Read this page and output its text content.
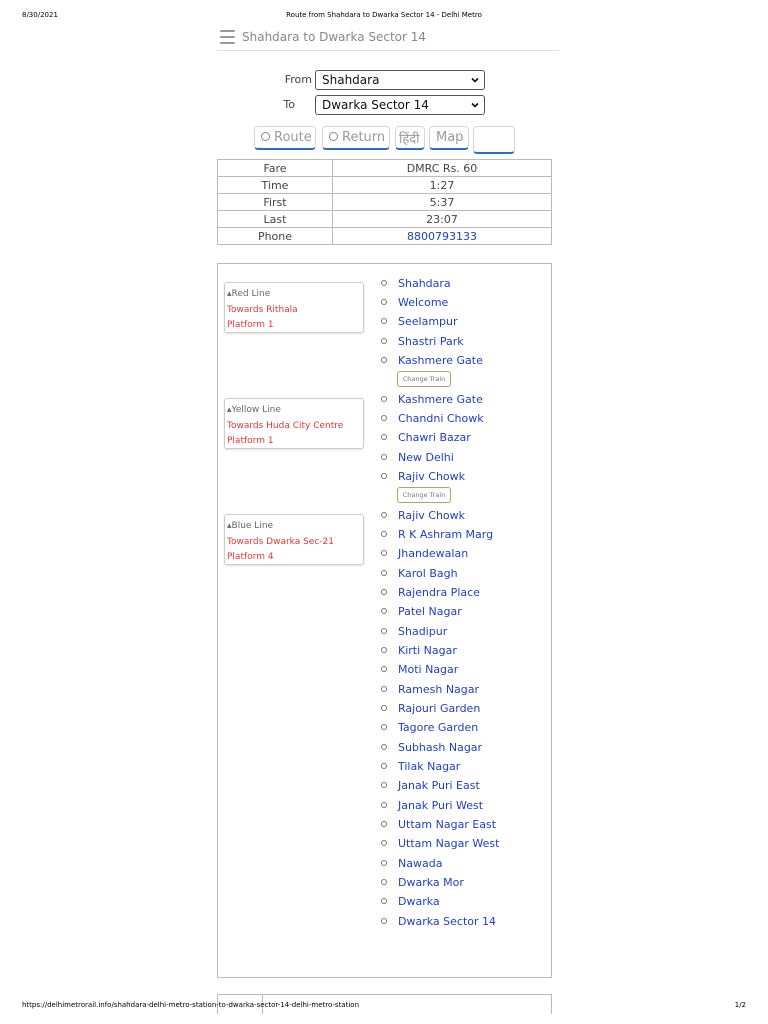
8/30/2021	Route from Shahdara to Dwarka Sector 14 - Delhi Metro
Shahdara to Dwarka Sector 14
From Shahdara
To	Dwarka Sector 14
Route	Return	हिंदी	Map
Fare	DMRC Rs. 60
Time	1:27
First	5:37
Last	23:07
Phone	8800793133
▴Red Line
Towards Rithala
Platform 1
▴Yellow Line
Towards Huda City Centre
Platform 1
▴Blue Line
Towards Dwarka Sec-21
Platform 4
Shahdara
Welcome
Seelampur
Shastri Park
Kashmere Gate
Change Train
Kashmere Gate
Chandni Chowk
Chawri Bazar
New Delhi
Rajiv Chowk
Change Train
Rajiv Chowk
R K Ashram Marg
Jhandewalan
Karol Bagh
Rajendra Place
Patel Nagar
Shadipur
Kirti Nagar
Moti Nagar
Ramesh Nagar
Rajouri Garden
Tagore Garden
Subhash Nagar
Tilak Nagar
Janak Puri East
Janak Puri West
Uttam Nagar East
Uttam Nagar West
Nawada
Dwarka Mor
Dwarka
Dwarka Sector 14
https://delhimetrorail.info/shahdara-delhi-metro-station-to-dwarka-sector-14-delhi-metro-station	1/2
